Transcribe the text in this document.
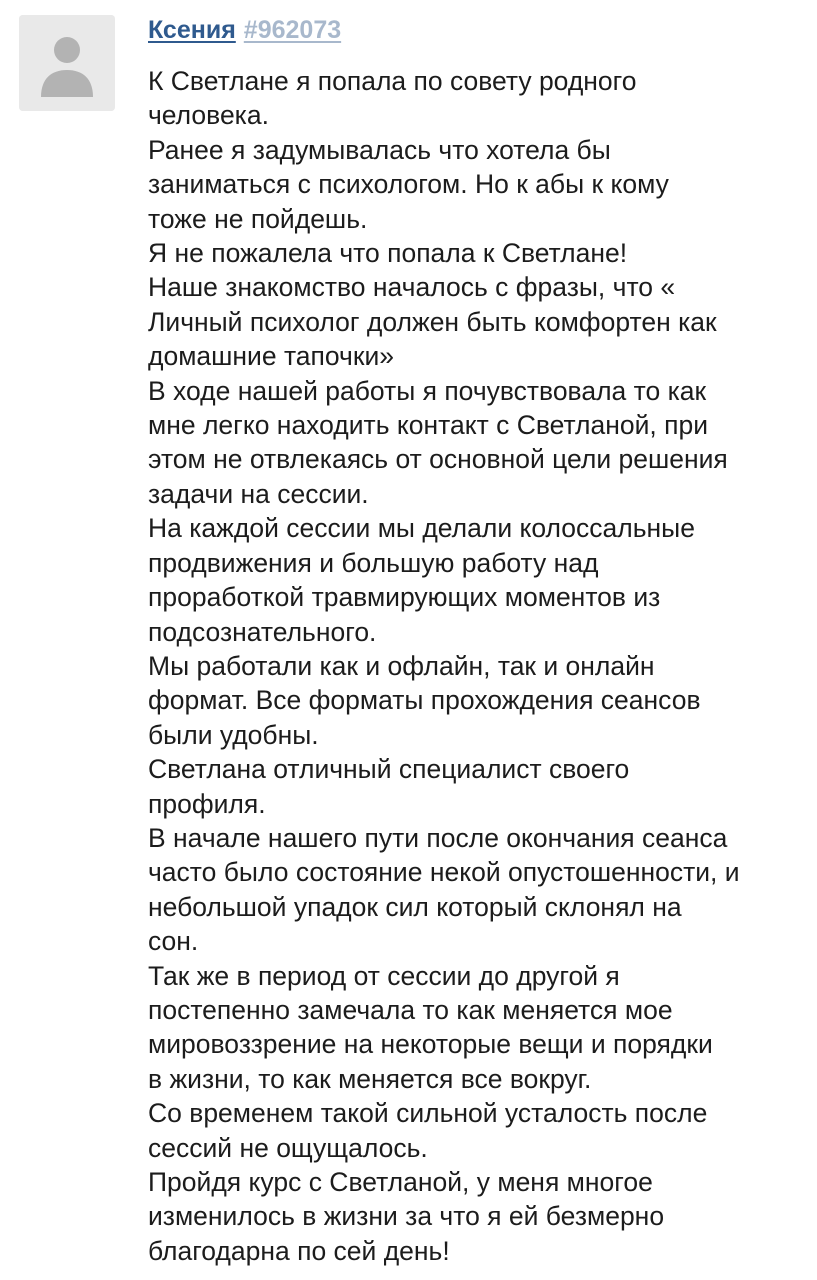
Ксения #962073
К Светлане я попала по совету родного
человека.
Ранее я задумывалась что хотела бы
заниматься с психологом. Но к абы к кому
тоже не пойдешь.
Я не пожалела что попала к Светлане!
Наше знакомство началось с фразы, что «
Личный психолог должен быть комфортен как
домашние тапочки»
В ходе нашей работы я почувствовала то как
мне легко находить контакт с Светланой, при
этом не отвлекаясь от основной цели решения
задачи на сессии.
На каждой сессии мы делали колоссальные
продвижения и большую работу над
проработкой травмирующих моментов из
подсознательного.
Мы работали как и офлайн, так и онлайн
формат. Все форматы прохождения сеансов
были удобны.
Светлана отличный специалист своего
профиля.
В начале нашего пути после окончания сеанса
часто было состояние некой опустошенности, и
небольшой упадок сил который склонял на
сон.
Так же в период от сессии до другой я
постепенно замечала то как меняется мое
мировоззрение на некоторые вещи и порядки
в жизни, то как меняется все вокруг.
Со временем такой сильной усталость после
сессий не ощущалось.
Пройдя курс с Светланой, у меня многое
изменилось в жизни за что я ей безмерно
благодарна по сей день!
